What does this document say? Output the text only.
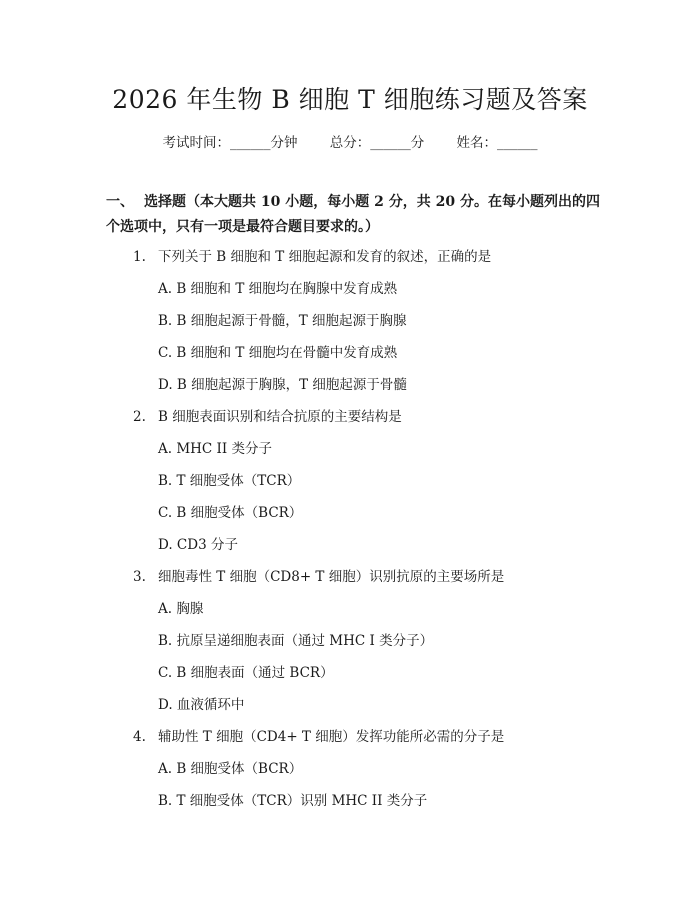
2026 年生物 B 细胞 T 细胞练习题及答案
考试时间：______分钟 总分：______分 姓名：______
一、 选择题（本大题共 10 小题，每小题 2 分，共 20 分。在每小题列出的四个选项中，只有一项是最符合题目要求的。）
1. 下列关于 B 细胞和 T 细胞起源和发育的叙述，正确的是
A. B 细胞和 T 细胞均在胸腺中发育成熟
B. B 细胞起源于骨髓，T 细胞起源于胸腺
C. B 细胞和 T 细胞均在骨髓中发育成熟
D. B 细胞起源于胸腺，T 细胞起源于骨髓
2. B 细胞表面识别和结合抗原的主要结构是
A. MHC II 类分子
B. T 细胞受体（TCR）
C. B 细胞受体（BCR）
D. CD3 分子
3. 细胞毒性 T 细胞（CD8+ T 细胞）识别抗原的主要场所是
A. 胸腺
B. 抗原呈递细胞表面（通过 MHC I 类分子）
C. B 细胞表面（通过 BCR）
D. 血液循环中
4. 辅助性 T 细胞（CD4+ T 细胞）发挥功能所必需的分子是
A. B 细胞受体（BCR）
B. T 细胞受体（TCR）识别 MHC II 类分子
